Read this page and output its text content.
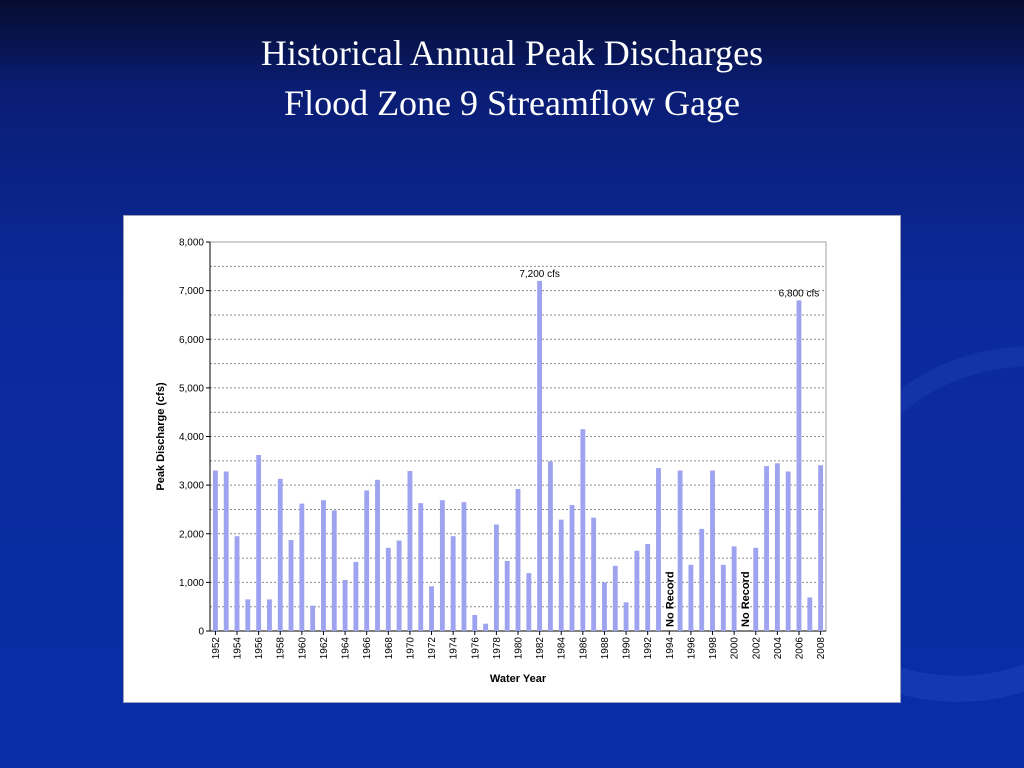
Historical Annual Peak Discharges
Flood Zone 9 Streamflow Gage
0
1,000
2,000
3,000
4,000
5,000
6,000
7,000
8,000
1952 1954 1956 1958 1960 1962 1964 1966 1968 1970 1972 1974 1976 1978 1980 1982 1984 1986 1988 1990 1992 1994 1996 1998 2000 2002 2004 2006 2008
7,200 cfs
6,800 cfs
No Record	No Record
Water Year
Peak Discharge (cfs)
